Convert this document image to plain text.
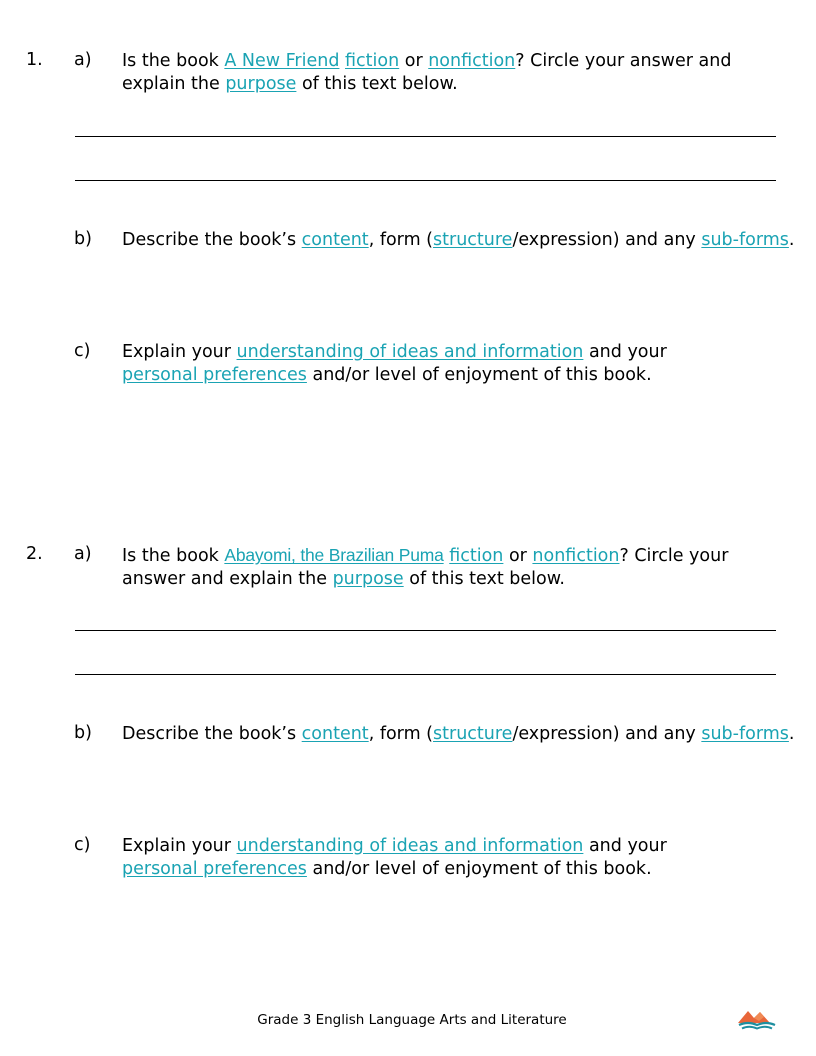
1. a) Is the book A New Friend fiction or nonfiction? Circle your answer and explain the purpose of this text below.

b) Describe the book’s content, form (structure/expression) and any sub-forms.

c) Explain your understanding of ideas and information and your personal preferences and/or level of enjoyment of this book.

2. a) Is the book Abayomi, the Brazilian Puma fiction or nonfiction? Circle your answer and explain the purpose of this text below.

b) Describe the book’s content, form (structure/expression) and any sub-forms.

c) Explain your understanding of ideas and information and your personal preferences and/or level of enjoyment of this book.

Grade 3 English Language Arts and Literature
